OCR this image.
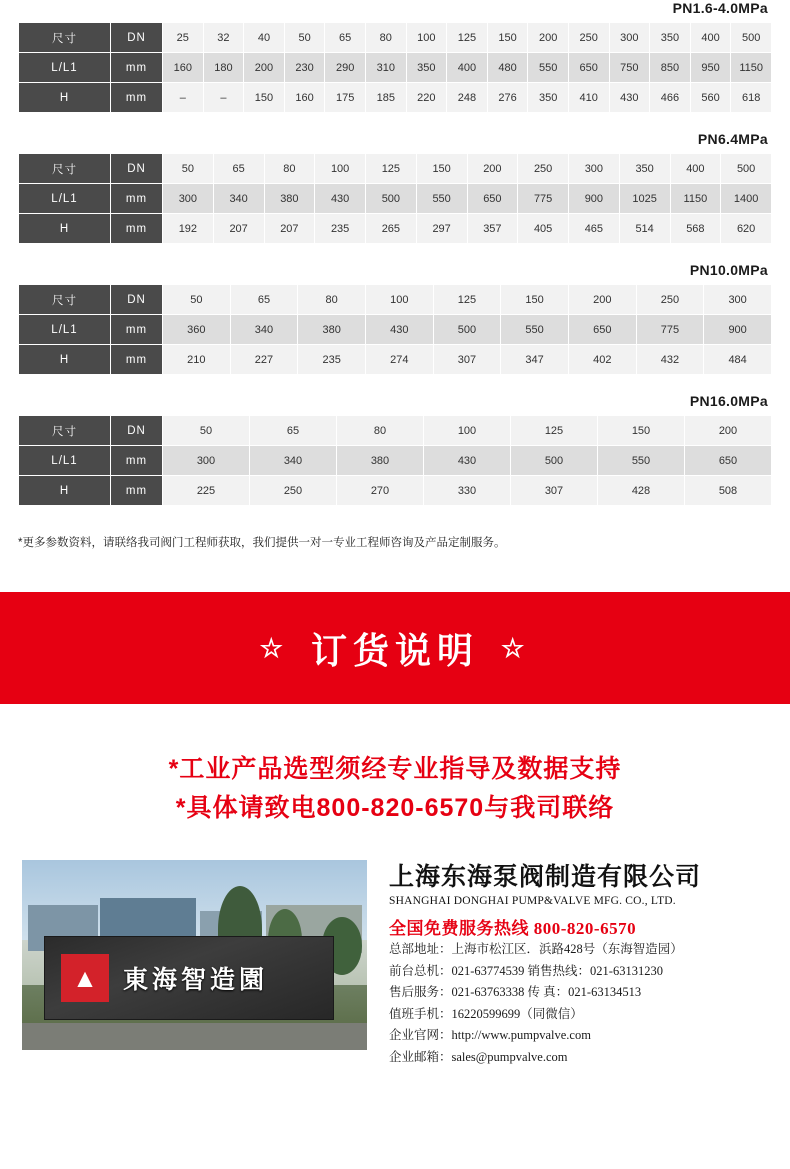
PN1.6-4.0MPa
尺寸	DN	25	32	40	50	65	80	100	125	150	200	250	300	350	400	500
L/L1	mm	160	180	200	230	290	310	350	400	480	550	650	750	850	950	1150
H	mm	–	–	150	160	175	185	220	248	276	350	410	430	466	560	618
PN6.4MPa
尺寸	DN	50	65	80	100	125	150	200	250	300	350	400	500
L/L1	mm	300	340	380	430	500	550	650	775	900	1025	1150	1400
H	mm	192	207	207	235	265	297	357	405	465	514	568	620
PN10.0MPa
尺寸	DN	50	65	80	100	125	150	200	250	300
L/L1	mm	360	340	380	430	500	550	650	775	900
H	mm	210	227	235	274	307	347	402	432	484
PN16.0MPa
尺寸	DN	50	65	80	100	125	150	200
L/L1	mm	300	340	380	430	500	550	650
H	mm	225	250	270	330	307	428	508
*更多参数资料，请联络我司阀门工程师获取，我们提供一对一专业工程师咨询及产品定制服务。
☆ 订货说明 ☆
*工业产品选型须经专业指导及数据支持
*具体请致电800-820-6570与我司联络
▲	東海智造園
上海东海泵阀制造有限公司
SHANGHAI DONGHAI PUMP&VALVE MFG. CO., LTD.
全国免费服务热线 800-820-6570
总部地址：上海市松江区．浜路428号（东海智造园）
前台总机：021-63774539 销售热线：021-63131230
售后服务：021-63763338 传 真：021-63134513
值班手机：16220599699（同微信）
企业官网：http://www.pumpvalve.com
企业邮箱：sales@pumpvalve.com
